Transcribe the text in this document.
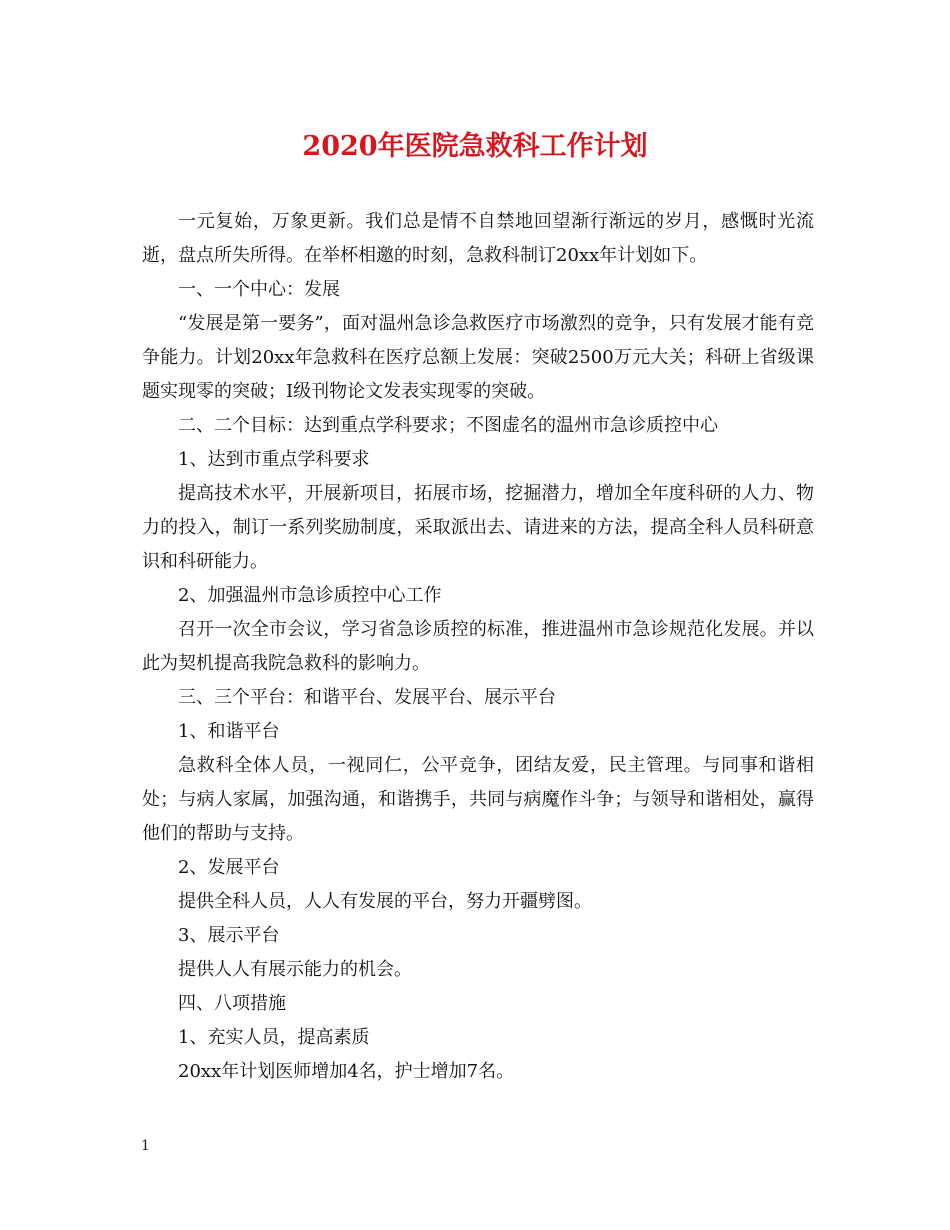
2020年医院急救科工作计划

一元复始，万象更新。我们总是情不自禁地回望渐行渐远的岁月，感慨时光流逝，盘点所失所得。在举杯相邀的时刻，急救科制订20xx年计划如下。

一、一个中心：发展

“发展是第一要务”，面对温州急诊急救医疗市场激烈的竞争，只有发展才能有竞争能力。计划20xx年急救科在医疗总额上发展：突破2500万元大关；科研上省级课题实现零的突破；Ⅰ级刊物论文发表实现零的突破。

二、二个目标：达到重点学科要求；不图虚名的温州市急诊质控中心

1、达到市重点学科要求

提高技术水平，开展新项目，拓展市场，挖掘潜力，增加全年度科研的人力、物力的投入，制订一系列奖励制度，采取派出去、请进来的方法，提高全科人员科研意识和科研能力。

2、加强温州市急诊质控中心工作

召开一次全市会议，学习省急诊质控的标准，推进温州市急诊规范化发展。并以此为契机提高我院急救科的影响力。

三、三个平台：和谐平台、发展平台、展示平台

1、和谐平台

急救科全体人员，一视同仁，公平竞争，团结友爱，民主管理。与同事和谐相处；与病人家属，加强沟通，和谐携手，共同与病魔作斗争；与领导和谐相处，赢得他们的帮助与支持。

2、发展平台

提供全科人员，人人有发展的平台，努力开疆劈图。

3、展示平台

提供人人有展示能力的机会。

四、八项措施

1、充实人员，提高素质

20xx年计划医师增加4名，护士增加7名。

1
